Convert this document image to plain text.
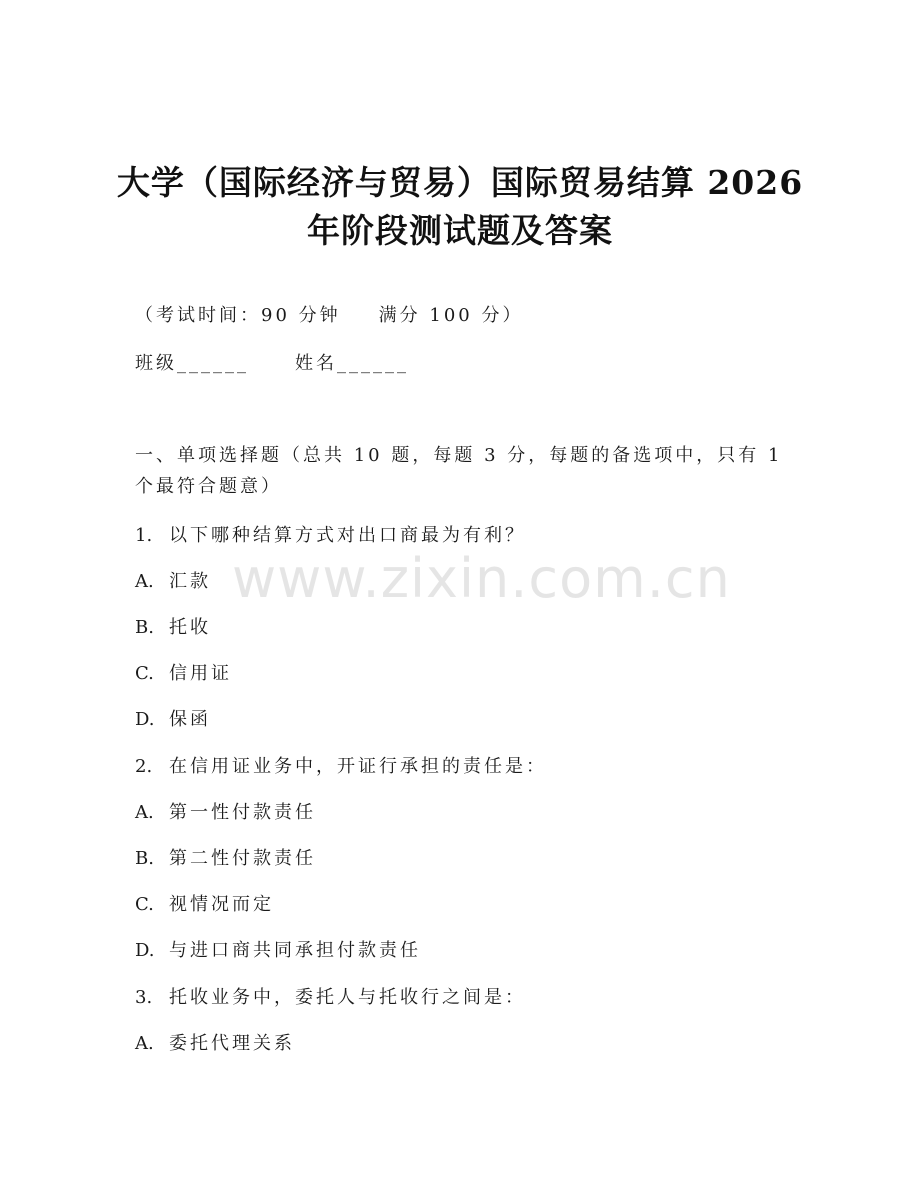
大学（国际经济与贸易）国际贸易结算 2026
年阶段测试题及答案

（考试时间：90 分钟 满分 100 分）

班级______	姓名______

一、单项选择题（总共 10 题，每题 3 分，每题的备选项中，只有 1

个最符合题意）

1. 以下哪种结算方式对出口商最为有利？

A. 汇款

B. 托收

C. 信用证

D. 保函

2. 在信用证业务中，开证行承担的责任是：

A. 第一性付款责任

B. 第二性付款责任

C. 视情况而定

D. 与进口商共同承担付款责任

3. 托收业务中，委托人与托收行之间是：

A. 委托代理关系

www.zixin.com.cn
